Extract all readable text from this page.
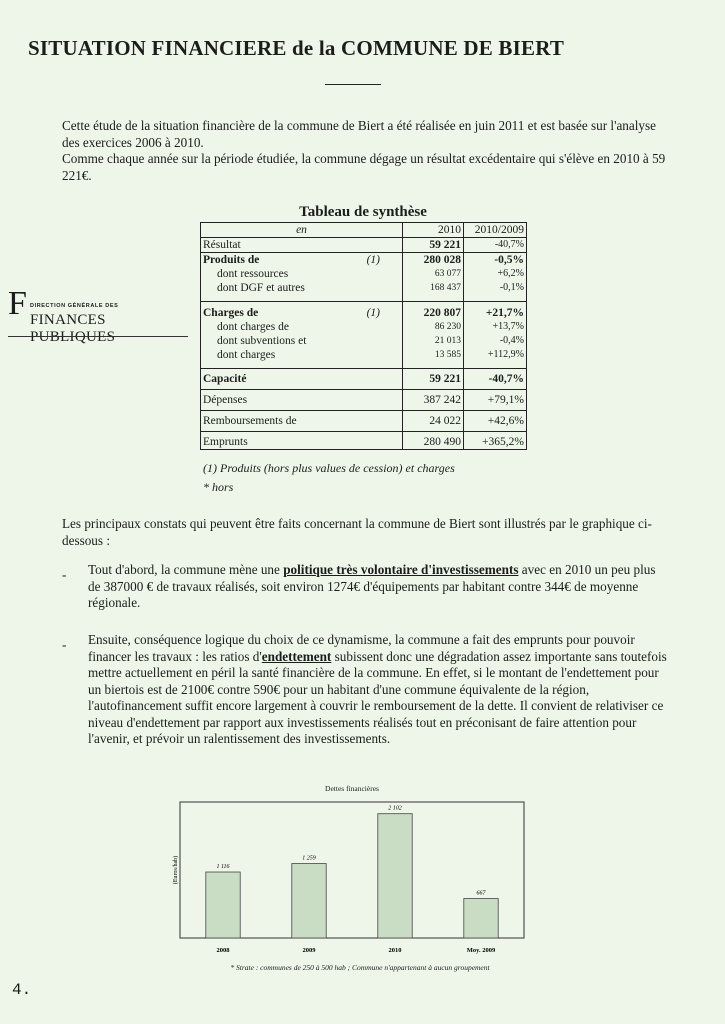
SITUATION FINANCIERE de la COMMUNE DE BIERT
Cette étude de la situation financière de la commune de Biert a été réalisée en juin 2011 et est basée sur l'analyse des exercices 2006 à 2010.
Comme chaque année sur la période étudiée, la commune dégage un résultat excédentaire qui s'élève en 2010 à 59 221€.
F DIRECTION GÉNÉRALE DES
FINANCES PUBLIQUES
Tableau de synthèse
en	2010	2010/2009
Résultat	59 221	-40,7%
Produits de (1)	280 028	-0,5%
dont ressources	63 077	+6,2%
dont DGF et autres	168 437	-0,1%
Charges de (1)	220 807	+21,7%
dont charges de	86 230	+13,7%
dont subventions et	21 013	-0,4%
dont charges	13 585	+112,9%
Capacité	59 221	-40,7%
Dépenses	387 242	+79,1%
Remboursements de	24 022	+42,6%
Emprunts	280 490	+365,2%
(1) Produits (hors plus values de cession) et charges
* hors
Les principaux constats qui peuvent être faits concernant la commune de Biert sont illustrés par le graphique ci-dessous :
- Tout d'abord, la commune mène une politique très volontaire d'investissements avec en 2010 un peu plus de 387000 € de travaux réalisés, soit environ 1274€ d'équipements par habitant contre 344€ de moyenne régionale.
- Ensuite, conséquence logique du choix de ce dynamisme, la commune a fait des emprunts pour pouvoir financer les travaux : les ratios d'endettement subissent donc une dégradation assez importante sans toutefois mettre actuellement en péril la santé financière de la commune. En effet, si le montant de l'endettement pour un biertois est de 2100€ contre 590€ pour un habitant d'une commune équivalente de la région, l'autofinancement suffit encore largement à couvrir le remboursement de la dette. Il convient de relativiser ce niveau d'endettement par rapport aux investissements réalisés tout en préconisant de faire attention pour l'avenir, et prévoir un ralentissement des investissements.
Dettes financières
(Euros/hab)	1 116
2008
1 259
2009
2 102
2010
667
Moy. 2009
* Strate : communes de 250 à 500 hab ; Commune n'appartenant à aucun groupement
4.
